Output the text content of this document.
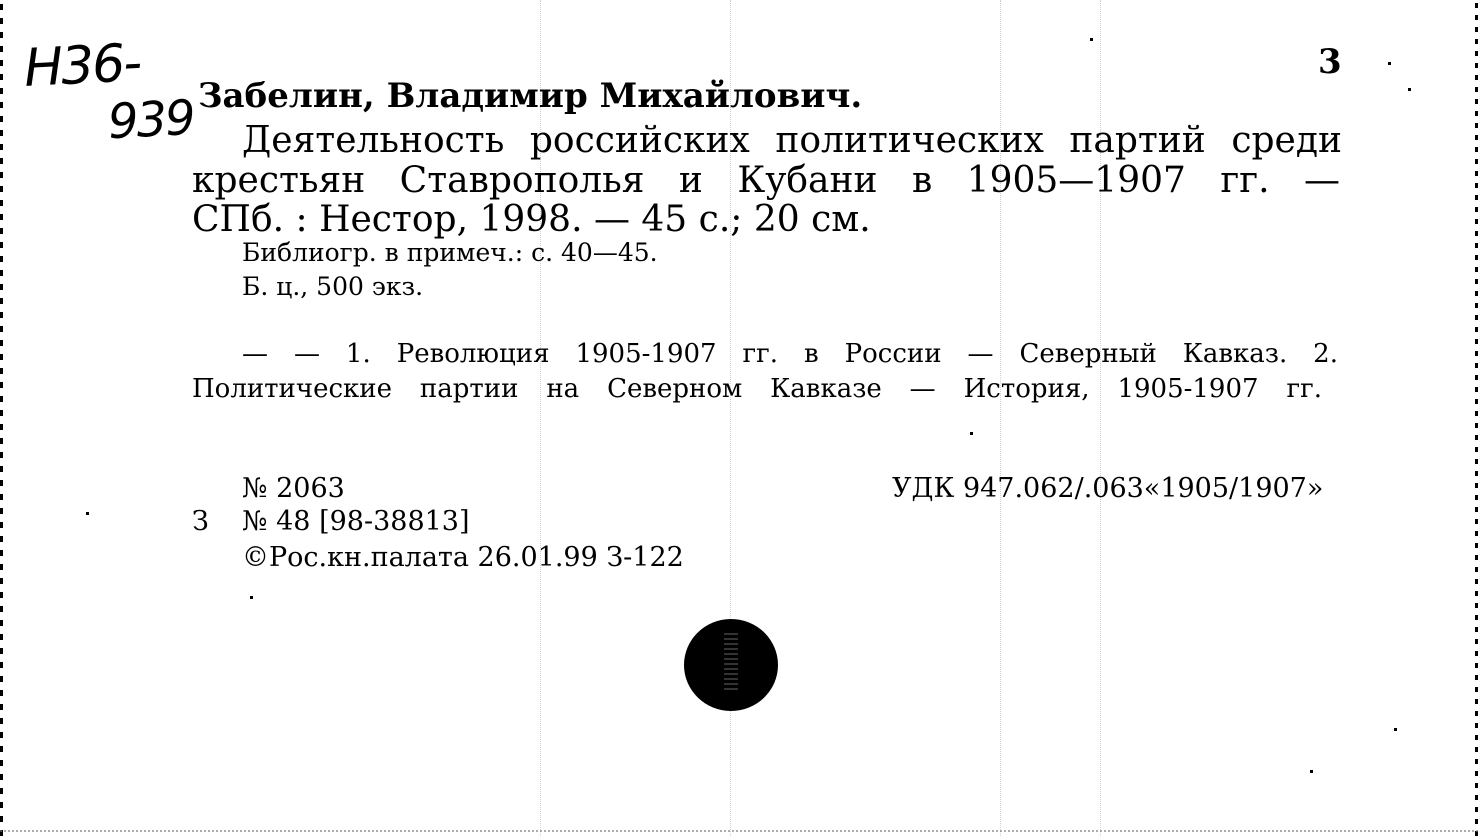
Н36-
939
3
Забелин, Владимир Михайлович.
Деятельность российских политических партий среди
крестьян Ставрополья и Кубани в 1905—1907 гг. —
СПб. : Нестор, 1998. — 45 с.; 20 см.
Библиогр. в примеч.: с. 40—45.
Б. ц., 500 экз.
— — 1. Революция 1905-1907 гг. в России — Северный Кавказ. 2.
Политические партии на Северном Кавказе — История, 1905-1907 гг.
№ 2063	УДК 947.062/.063«1905/1907»
З № 48 [98-38813]
©Рос.кн.палата 26.01.99 З-122
